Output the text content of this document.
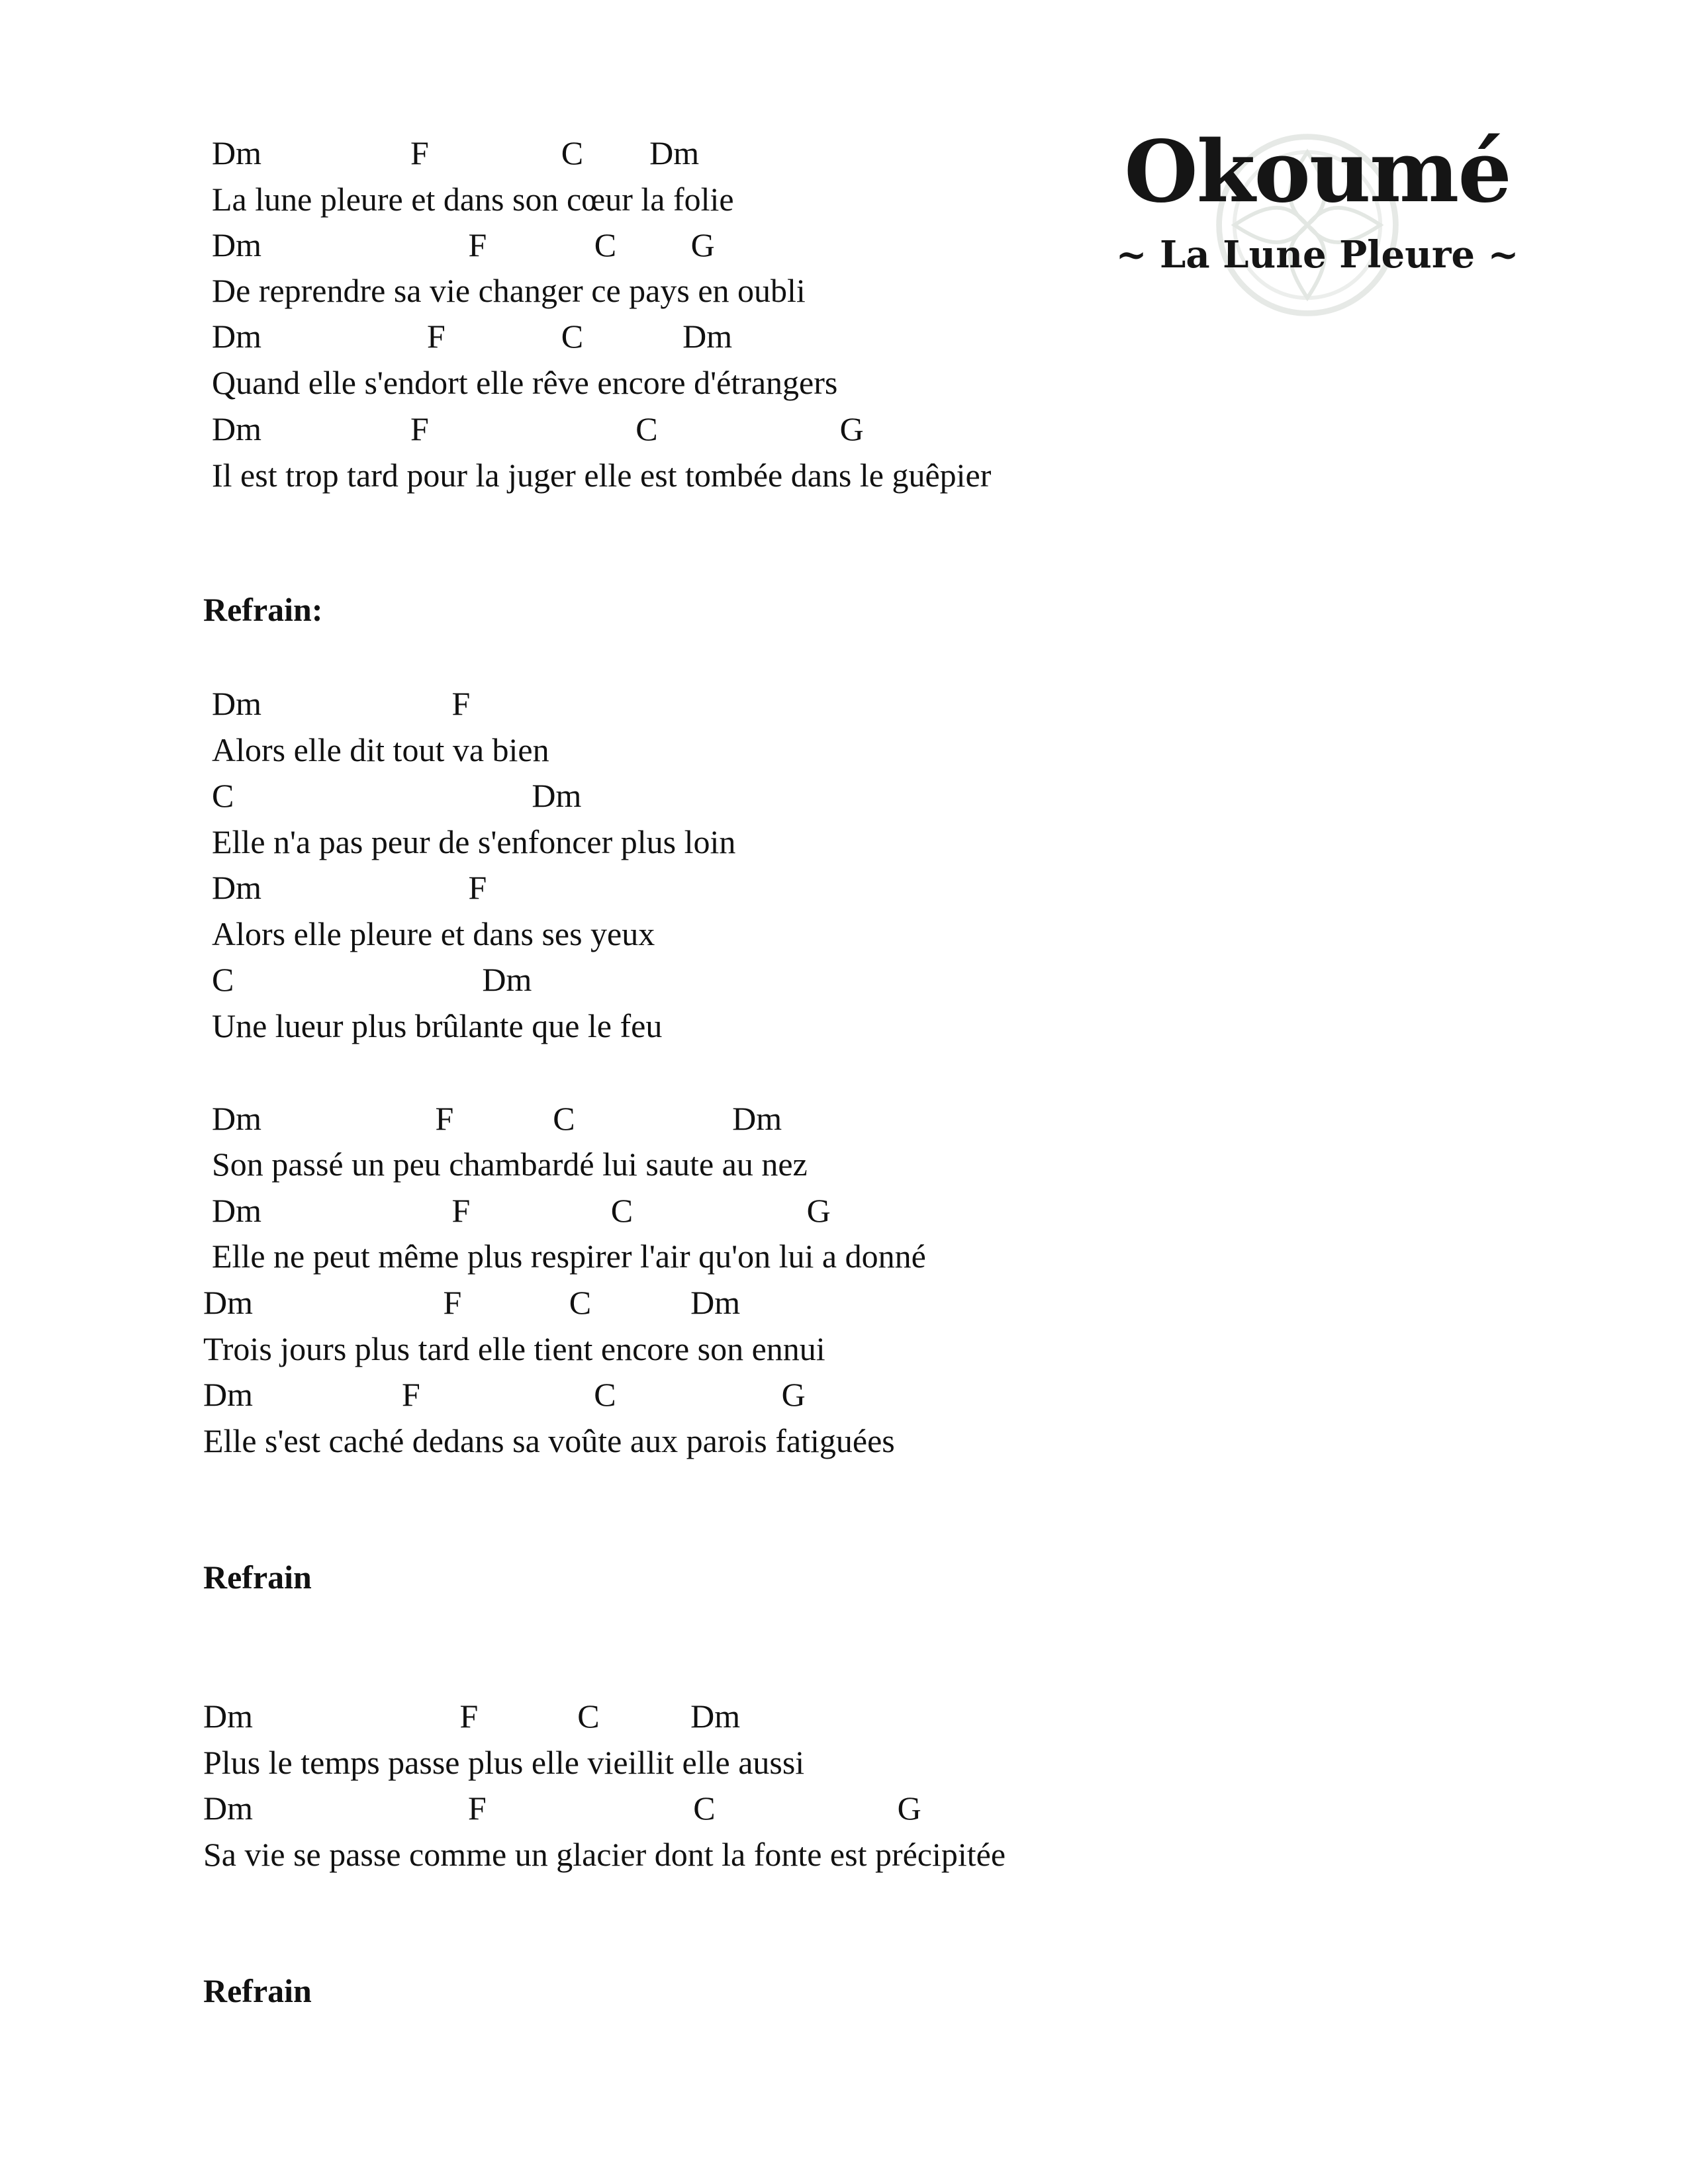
Okoumé
~ La Lune Pleure ~

Dm                  F                C        Dm

La lune pleure et dans son cœur la folie

Dm                         F             C         G

De reprendre sa vie changer ce pays en oubli

Dm                    F              C            Dm

Quand elle s'endort elle rêve encore d'étrangers

Dm                  F                         C                      G

Il est trop tard pour la juger elle est tombée dans le guêpier

Refrain:

Dm                       F

Alors elle dit tout va bien

C                                    Dm

Elle n'a pas peur de s'enfoncer plus loin

Dm                         F

Alors elle pleure et dans ses yeux

C                              Dm

Une lueur plus brûlante que le feu

Dm                     F            C                   Dm

Son passé un peu chambardé lui saute au nez

Dm                       F                 C                     G

Elle ne peut même plus respirer l'air qu'on lui a donné

Dm                       F             C            Dm

Trois jours plus tard elle tient encore son ennui

Dm                  F                     C                    G

Elle s'est caché dedans sa voûte aux parois fatiguées

Refrain

Dm                         F            C           Dm

Plus le temps passe plus elle vieillit elle aussi

Dm                          F                         C                      G

Sa vie se passe comme un glacier dont la fonte est précipitée

Refrain
